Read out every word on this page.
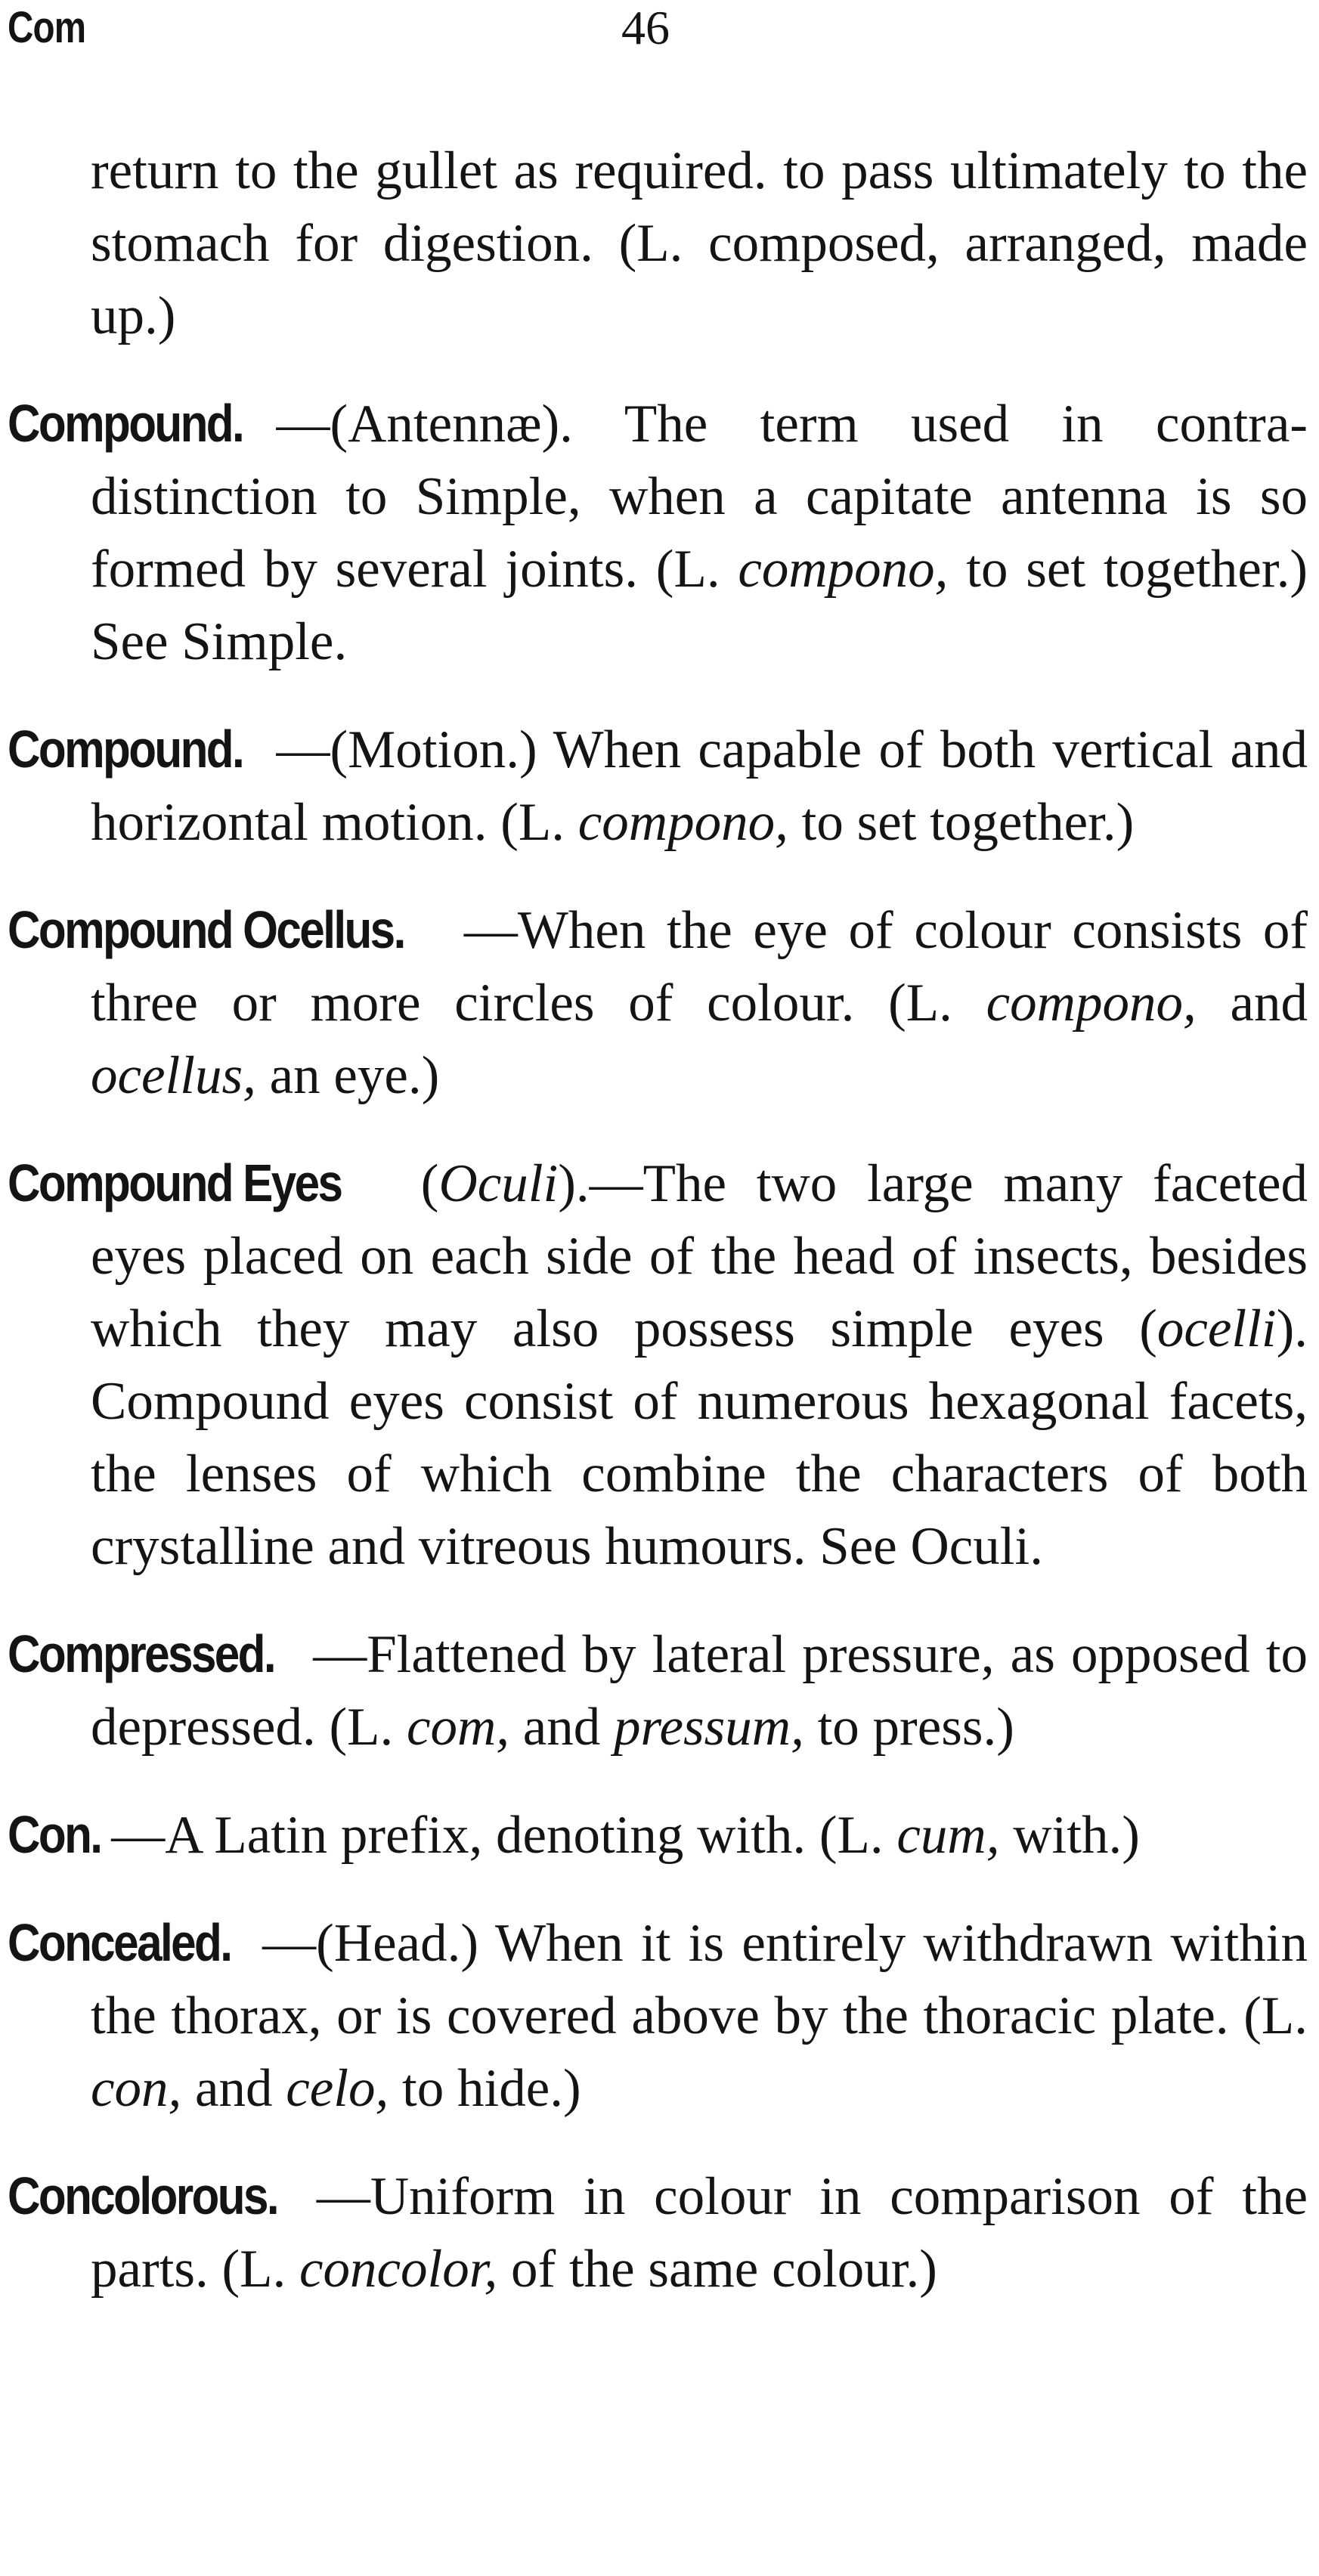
Com	46

return to the gullet as required. to pass ultimately to the stomach for digestion. (L. composed, arranged, made up.)

Compound. —(Antennæ). The term used in contradistinction to Simple, when a capitate antenna is so formed by several joints. (L. compono, to set together.) See Simple.

Compound. —(Motion.) When capable of both vertical and horizontal motion. (L. compono, to set together.)

Compound Ocellus. —When the eye of colour consists of three or more circles of colour. (L. compono, and ocellus, an eye.)

Compound Eyes (Oculi).—The two large many faceted eyes placed on each side of the head of insects, besides which they may also possess simple eyes (ocelli). Compound eyes consist of numerous hexagonal facets, the lenses of which combine the characters of both crystalline and vitreous humours. See Oculi.

Compressed. —Flattened by lateral pressure, as opposed to depressed. (L. com, and pressum, to press.)

Con. —A Latin prefix, denoting with. (L. cum, with.)

Concealed. —(Head.) When it is entirely withdrawn within the thorax, or is covered above by the thoracic plate. (L. con, and celo, to hide.)

Concolorous. —Uniform in colour in comparison of the parts. (L. concolor, of the same colour.)
